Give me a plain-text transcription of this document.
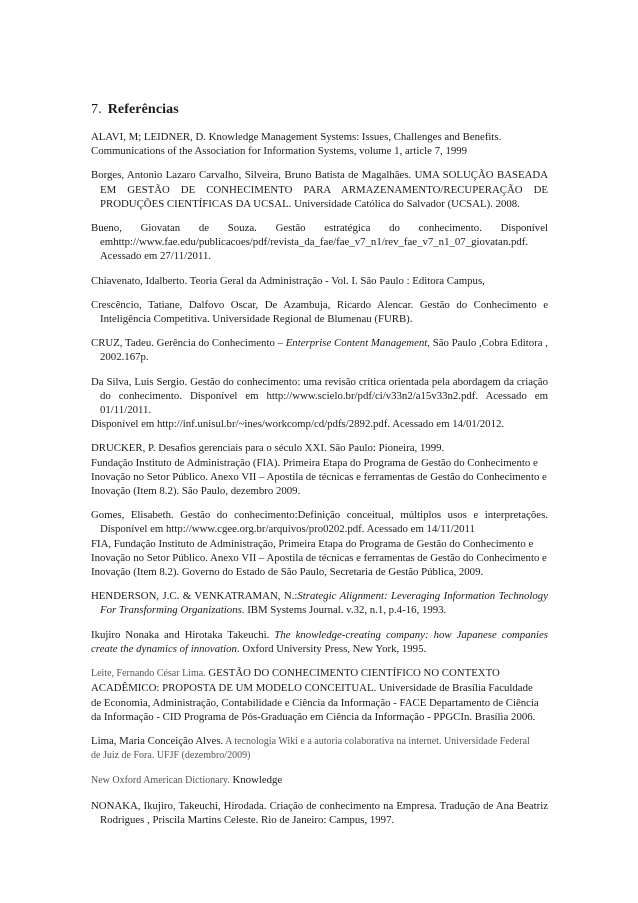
7. Referências

ALAVI, M; LEIDNER, D. Knowledge Management Systems: Issues, Challenges and Benefits.

Communications of the Association for Information Systems, volume 1, article 7, 1999

Borges, Antonio Lazaro Carvalho, Silveira, Bruno Batista de Magalhães. UMA SOLUÇÃO BASEADA EM GESTÃO DE CONHECIMENTO PARA ARMAZENAMENTO/RECUPERAÇÃO DE PRODUÇÕES CIENTÍFICAS DA UCSAL. Universidade Católica do Salvador (UCSAL). 2008.

Bueno, Giovatan de Souza. Gestão estratégica do conhecimento. Disponível emhttp://www.fae.edu/publicacoes/pdf/revista_da_fae/fae_v7_n1/rev_fae_v7_n1_07_giovatan.pdf. Acessado em 27/11/2011.

Chiavenato, Idalberto. Teoria Geral da Administração - Vol. I. São Paulo : Editora Campus,

Crescêncio, Tatiane, Dalfovo Oscar, De Azambuja, Ricardo Alencar. Gestão do Conhecimento e Inteligência Competitiva. Universidade Regional de Blumenau (FURB).

CRUZ, Tadeu. Gerência do Conhecimento – Enterprise Content Management, São Paulo ,Cobra Editora , 2002.167p.

Da Silva, Luis Sergio. Gestão do conhecimento: uma revisão crítica orientada pela abordagem da criação do conhecimento. Disponível em http://www.scielo.br/pdf/ci/v33n2/a15v33n2.pdf. Acessado em 01/11/2011.

Disponível em http://inf.unisul.br/~ines/workcomp/cd/pdfs/2892.pdf. Acessado em 14/01/2012.

DRUCKER, P. Desafios gerenciais para o século XXI. São Paulo: Pioneira, 1999.

Fundação Instituto de Administração (FIA). Primeira Etapa do Programa de Gestão do Conhecimento e

Inovação no Setor Público. Anexo VII – Apostila de técnicas e ferramentas de Gestão do Conhecimento e

Inovação (Item 8.2). São Paulo, dezembro 2009.

Gomes, Elisabeth. Gestão do conhecimento:Definição conceitual, múltiplos usos e interpretações. Disponível em http://www.cgee.org.br/arquivos/pro0202.pdf. Acessado em 14/11/2011

FIA, Fundação Instituto de Administração, Primeira Etapa do Programa de Gestão do Conhecimento e

Inovação no Setor Público. Anexo VII – Apostila de técnicas e ferramentas de Gestão do Conhecimento e

Inovação (Item 8.2). Governo do Estado de São Paulo, Secretaria de Gestão Pública, 2009.

HENDERSON, J.C. & VENKATRAMAN, N.:Strategic Alignment: Leveraging Information Technology For Transforming Organizations. IBM Systems Journal. v.32, n.1, p.4-16, 1993.

Ikujiro Nonaka and Hirotaka Takeuchi. The knowledge-creating company: how Japanese companies create the dynamics of innovation. Oxford University Press, New York, 1995.

Leite, Fernando César Lima. GESTÃO DO CONHECIMENTO CIENTÍFICO NO CONTEXTO

ACADÊMICO: PROPOSTA DE UM MODELO CONCEITUAL. Universidade de Brasília Faculdade

de Economia, Administração, Contabilidade e Ciência da Informação - FACE Departamento de Ciência

da Informação - CID Programa de Pós-Graduação em Ciência da Informação - PPGCIn. Brasília 2006.

Lima, Maria Conceição Alves. A tecnologia Wiki e a autoria colaborativa na internet. Universidade Federal

de Juiz de Fora. UFJF (dezembro/2009)

New Oxford American Dictionary. Knowledge

NONAKA, Ikujiro, Takeuchi, Hirodada. Criação de conhecimento na Empresa. Tradução de Ana Beatriz Rodrigues , Priscila Martins Celeste. Rio de Janeiro: Campus, 1997.
